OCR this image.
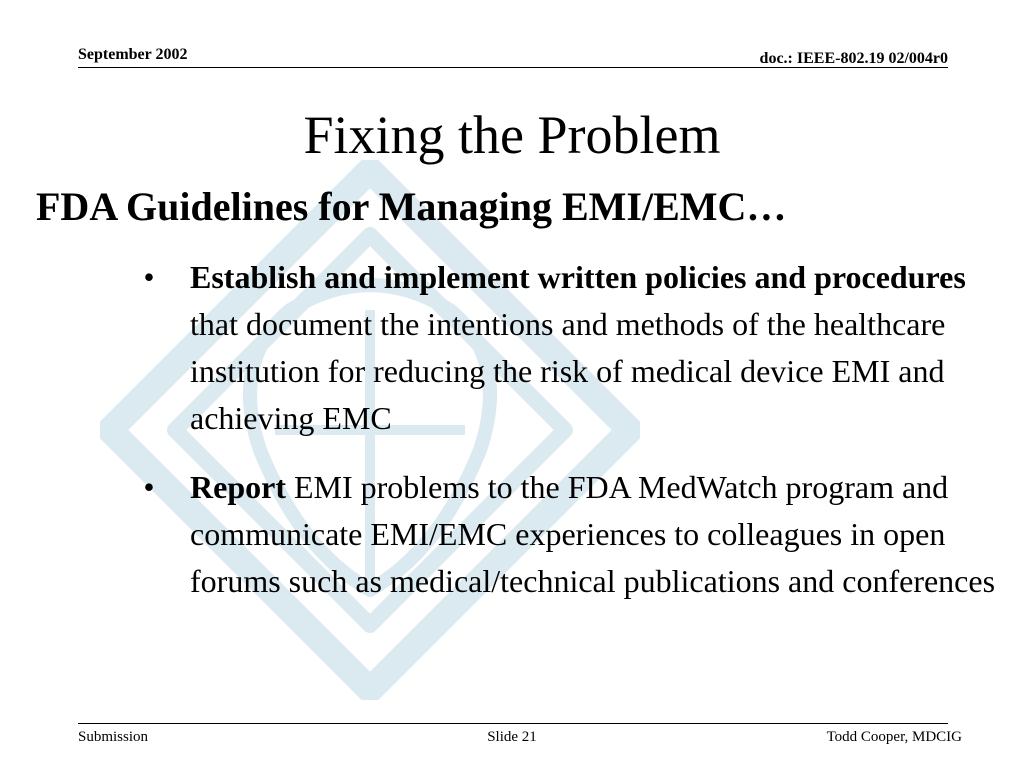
September 2002	doc.: IEEE-802.19 02/004r0
Fixing the Problem
FDA Guidelines for Managing EMI/EMC…
• Establish and implement written policies and procedures that document the intentions and methods of the healthcare institution for reducing the risk of medical device EMI and achieving EMC
• Report EMI problems to the FDA MedWatch program and communicate EMI/EMC experiences to colleagues in open forums such as medical/technical publications and conferences
Submission	Slide 21	Todd Cooper, MDCIG
